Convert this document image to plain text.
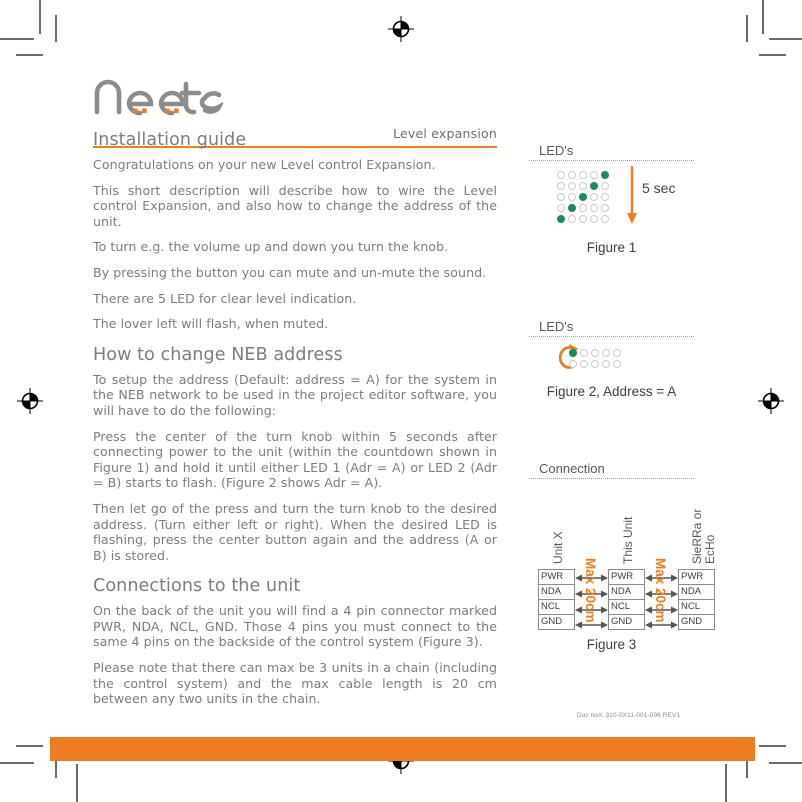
Level expansion
Installation guide

Congratulations on your new Level control Expansion.

This short description will describe how to wire the Level control Expansion, and also how to change the address of the unit.

To turn e.g. the volume up and down you turn the knob.

By pressing the button you can mute and un-mute the sound.

There are 5 LED for clear level indication.

The lover left will flash, when muted.

How to change NEB address

To setup the address (Default: address = A) for the system in the NEB network to be used in the project editor software, you will have to do the following:

Press the center of the turn knob within 5 seconds after connecting power to the unit (within the countdown shown in Figure 1) and hold it until either LED 1 (Adr = A) or LED 2 (Adr = B) starts to flash. (Figure 2 shows Adr = A).

Then let go of the press and turn the turn knob to the desired address. (Turn either left or right). When the desired LED is flashing, press the center button again and the address (A or B) is stored.

Connections to the unit

On the back of the unit you will find a 4 pin connector marked PWR, NDA, NCL, GND. Those 4 pins you must connect to the same 4 pins on the backside of the control system (Figure 3).

Please note that there can max be 3 units in a chain (including the control system) and the max cable length is 20 cm between any two units in the chain.

LED's
5 sec
Figure 1
LED's
Figure 2, Address = A
Connection
Unit X	This Unit	SieRRa or EcHo
PWR
NDA
NCL
GND
PWR
NDA
NCL
GND
PWR
NDA
NCL
GND
Max 20cm	Max 20cm
Figure 3
Doc no#: 310-0X11-001-006 REV1
